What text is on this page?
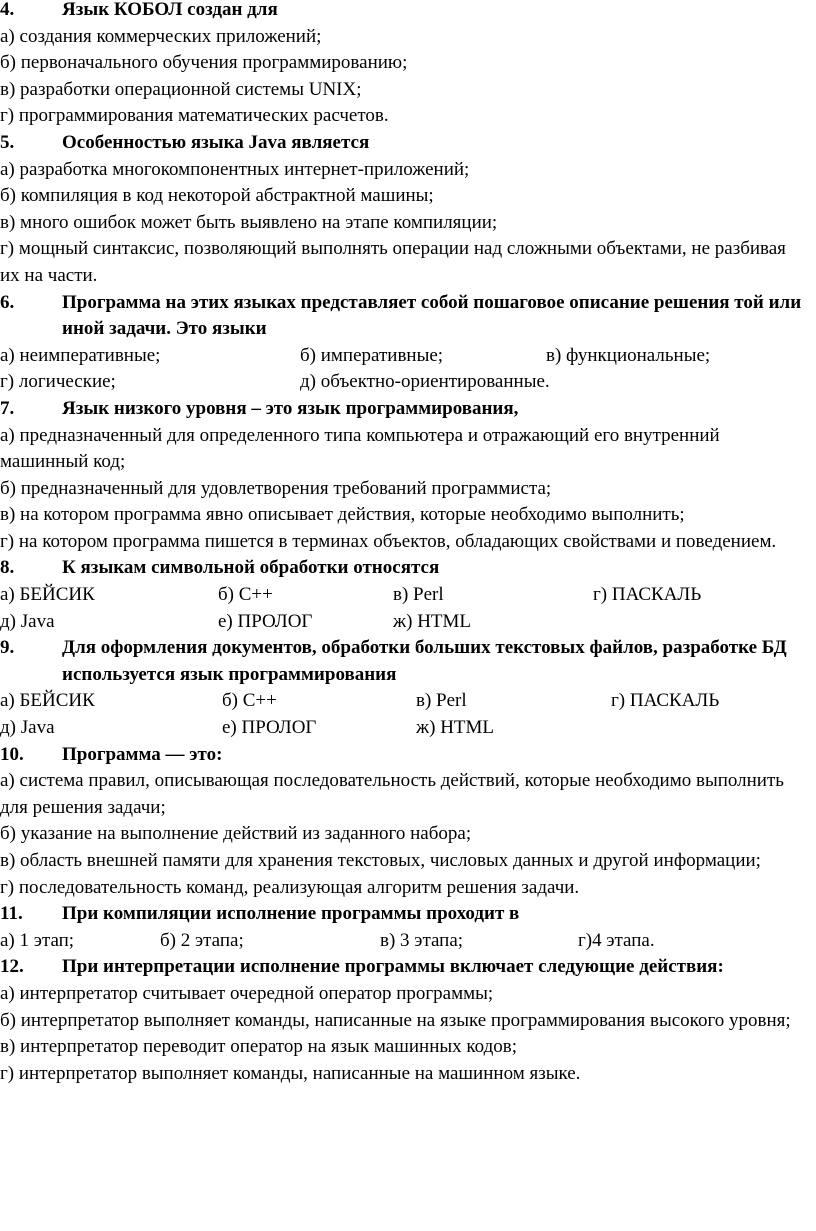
4.	Язык КОБОЛ создан для

а) создания коммерческих приложений;

б) первоначального обучения программированию;

в) разработки операционной системы UNIX;

г) программирования математических расчетов.

5.	Особенностью языка Java является

а) разработка многокомпонентных интернет-приложений;

б) компиляция в код некоторой абстрактной машины;

в) много ошибок может быть выявлено на этапе компиляции;

г) мощный синтаксис, позволяющий выполнять операции над сложными объектами, не разбивая их на части.

6.	Программа на этих языках представляет собой пошаговое описание решения той или иной задачи. Это языки
а) неимперативные;	б) императивные;	в) функциональные;
г) логические;	д) объектно-ориентированные.
7.	Язык низкого уровня – это язык программирования,

а) предназначенный для определенного типа компьютера и отражающий его внутренний машинный код;

б) предназначенный для удовлетворения требований программиста;

в) на котором программа явно описывает действия, которые необходимо выполнить;

г) на котором программа пишется в терминах объектов, обладающих свойствами и поведением.

8.	К языкам символьной обработки относятся
а) БЕЙСИК	б) С++	в) Perl	г) ПАСКАЛЬ
д) Java	е) ПРОЛОГ	ж) HTML
9.	Для оформления документов, обработки больших текстовых файлов, разработке БД используется язык программирования
а) БЕЙСИК	б) С++	в) Perl	г) ПАСКАЛЬ
д) Java	е) ПРОЛОГ	ж) HTML
10.	Программа — это:

а) система правил, описывающая последовательность действий, которые необходимо выполнить для решения задачи;

б) указание на выполнение действий из заданного набора;

в) область внешней памяти для хранения текстовых, числовых данных и другой информации;

г) последовательность команд, реализующая алгоритм решения задачи.

11.	При компиляции исполнение программы проходит в
а) 1 этап;	б) 2 этапа;	в) 3 этапа;	г)4 этапа.
12.	При интерпретации исполнение программы включает следующие действия:

а) интерпретатор считывает очередной оператор программы;

б) интерпретатор выполняет команды, написанные на языке программирования высокого уровня;

в) интерпретатор переводит оператор на язык машинных кодов;

г) интерпретатор выполняет команды, написанные на машинном языке.
